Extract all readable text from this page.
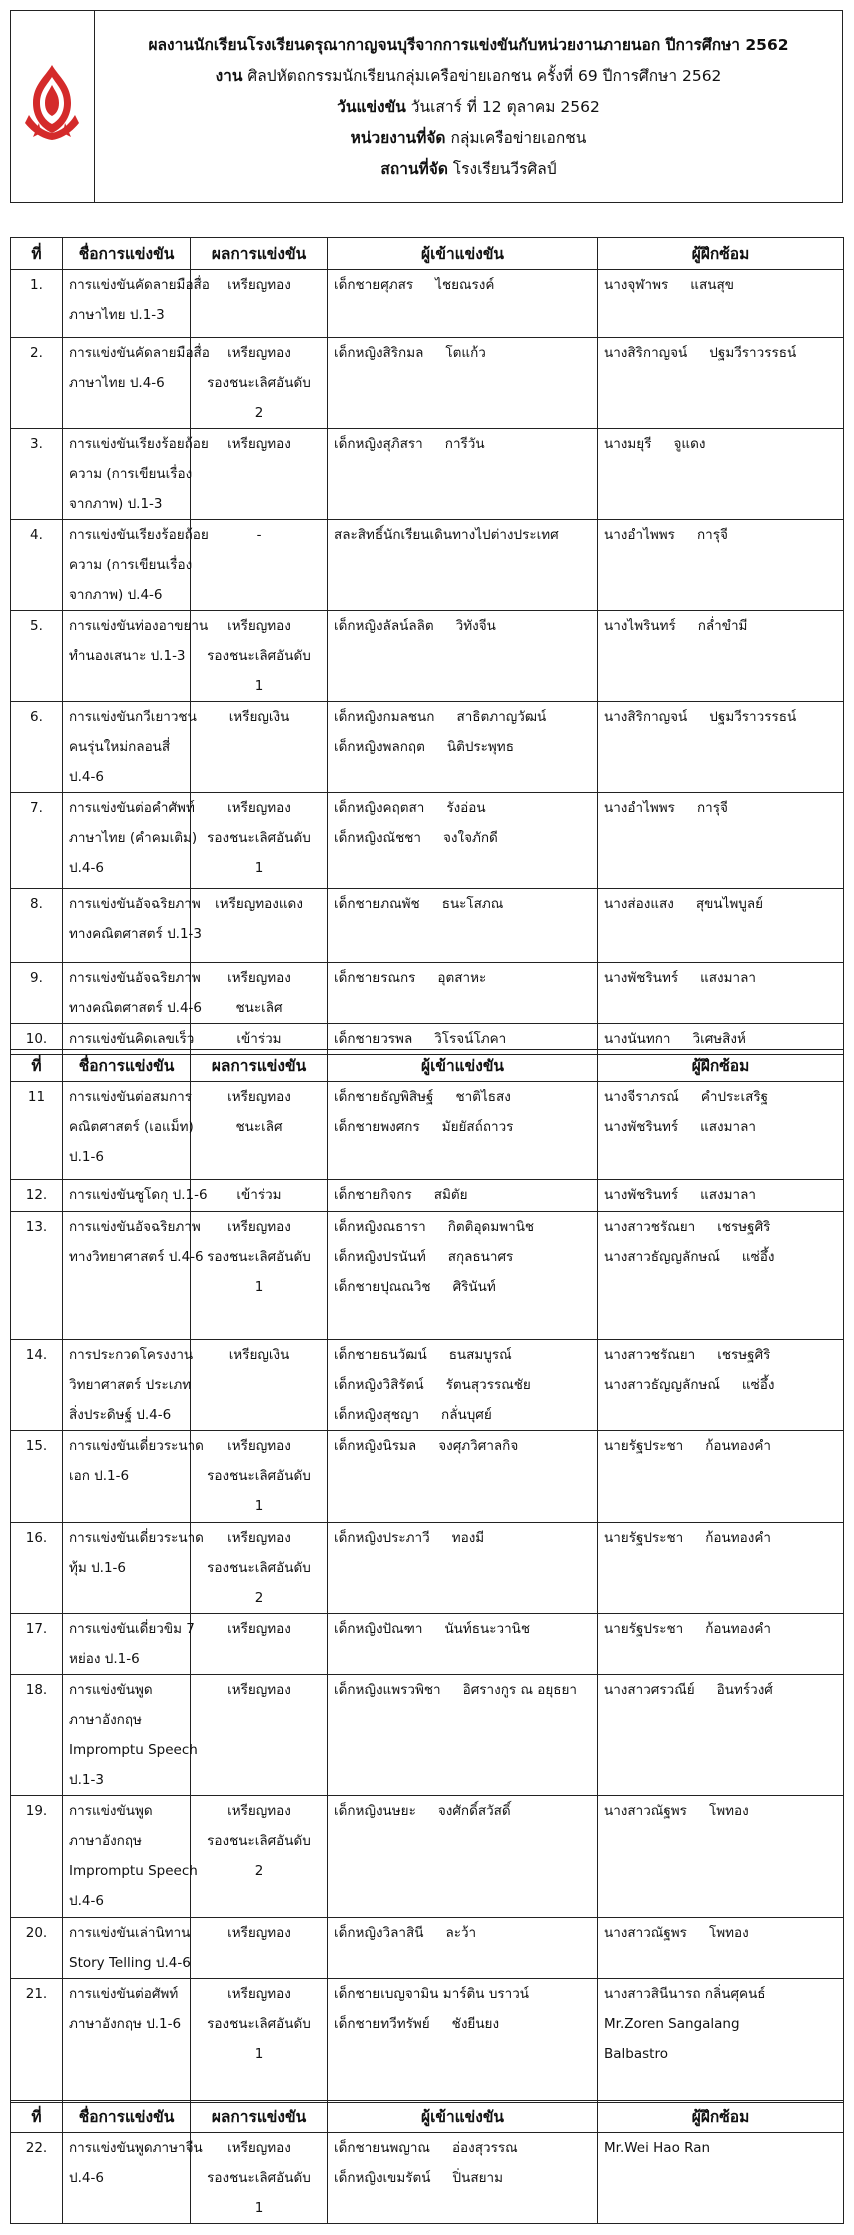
ผลงานนักเรียนโรงเรียนดรุณากาญจนบุรีจากการแข่งขันกับหน่วยงานภายนอก ปีการศึกษา 2562
งาน ศิลปหัตถกรรมนักเรียนกลุ่มเครือข่ายเอกชน ครั้งที่ 69 ปีการศึกษา 2562
วันแข่งขัน วันเสาร์ ที่ 12 ตุลาคม 2562
หน่วยงานที่จัด กลุ่มเครือข่ายเอกชน
สถานที่จัด โรงเรียนวีรศิลป์
ที่	ชื่อการแข่งขัน	ผลการแข่งขัน	ผู้เข้าแข่งขัน	ผู้ฝึกซ้อม
1.	การแข่งขันคัดลายมือสื่อ
ภาษาไทย ป.1-3	เหรียญทอง	เด็กชายศุภสร ไชยณรงค์	นางจุฬาพร แสนสุข

2.	การแข่งขันคัดลายมือสื่อ
ภาษาไทย ป.4-6	เหรียญทอง
รองชนะเลิศอันดับ
2	เด็กหญิงสิริกมล โตแก้ว	นางสิริกาญจน์ ปฐมวีราวรรธน์

3.	การแข่งขันเรียงร้อยถ้อย
ความ (การเขียนเรื่อง
จากภาพ) ป.1-3	เหรียญทอง	เด็กหญิงสุภิสรา การีวัน	นางมยุรี จูแดง

4.	การแข่งขันเรียงร้อยถ้อย
ความ (การเขียนเรื่อง
จากภาพ) ป.4-6	-	สละสิทธิ์นักเรียนเดินทางไปต่างประเทศ	นางอำไพพร การุจี

5.	การแข่งขันท่องอาขยาน
ทำนองเสนาะ ป.1-3	เหรียญทอง
รองชนะเลิศอันดับ
1	เด็กหญิงลัลน์ลลิต วิทังจีน	นางไพรินทร์ กล่ำขำมี

6.	การแข่งขันกวีเยาวชน
คนรุ่นใหม่กลอนสี่
ป.4-6	เหรียญเงิน	เด็กหญิงกมลชนก สาธิตภาญวัฒน์
เด็กหญิงพลกฤต นิติประพุทธ	นางสิริกาญจน์ ปฐมวีราวรรธน์

7.	การแข่งขันต่อคำศัพท์
ภาษาไทย (คำคมเติม)
ป.4-6	เหรียญทอง
รองชนะเลิศอันดับ
1	เด็กหญิงคฤตสา รังอ่อน
เด็กหญิงณัชชา จงใจภักดี	นางอำไพพร การุจี

8.	การแข่งขันอัจฉริยภาพ
ทางคณิตศาสตร์ ป.1-3	เหรียญทองแดง	เด็กชายภณพัช ธนะโสภณ	นางส่องแสง สุขนไพบูลย์

9.	การแข่งขันอัจฉริยภาพ
ทางคณิตศาสตร์ ป.4-6	เหรียญทอง
ชนะเลิศ	เด็กชายรณกร อุตสาหะ	นางพัชรินทร์ แสงมาลา

10.	การแข่งขันคิดเลขเร็ว	เข้าร่วม	เด็กชายวรพล วิโรจน์โภคา	นางนันทกา วิเศษสิงห์
ที่	ชื่อการแข่งขัน	ผลการแข่งขัน	ผู้เข้าแข่งขัน	ผู้ฝึกซ้อม
11	การแข่งขันต่อสมการ
คณิตศาสตร์ (เอแม็ท)
ป.1-6	เหรียญทอง
ชนะเลิศ	เด็กชายธัญพิสิษฐ์ ชาติไธสง
เด็กชายพงศกร มัยยัสถ์ถาวร	นางจีราภรณ์ คำประเสริฐ
นางพัชรินทร์ แสงมาลา

12.	การแข่งขันซูโดกุ ป.1-6	เข้าร่วม	เด็กชายกิจกร สมิตัย	นางพัชรินทร์ แสงมาลา

13.	การแข่งขันอัจฉริยภาพ
ทางวิทยาศาสตร์ ป.4-6	เหรียญทอง
รองชนะเลิศอันดับ
1	เด็กหญิงณธารา กิตติอุดมพานิช
เด็กหญิงปรนันท์ สกุลธนาศร
เด็กชายปุณณวิช ศิรินันท์	นางสาวชรัณยา เชรษฐศิริ
นางสาวธัญญลักษณ์ แซ่อึ้ง

14.	การประกวดโครงงาน
วิทยาศาสตร์ ประเภท
สิ่งประดิษฐ์ ป.4-6	เหรียญเงิน	เด็กชายธนวัฒน์ ธนสมบูรณ์
เด็กหญิงวิสิรัตน์ รัตนสุวรรณชัย
เด็กหญิงสุชญา กลั่นบุศย์	นางสาวชรัณยา เชรษฐศิริ
นางสาวธัญญลักษณ์ แซ่อึ้ง

15.	การแข่งขันเดี่ยวระนาด
เอก ป.1-6	เหรียญทอง
รองชนะเลิศอันดับ
1	เด็กหญิงนิรมล จงศุภวิศาลกิจ	นายรัฐประชา ก้อนทองคำ

16.	การแข่งขันเดี่ยวระนาด
ทุ้ม ป.1-6	เหรียญทอง
รองชนะเลิศอันดับ
2	เด็กหญิงประภาวี ทองมี	นายรัฐประชา ก้อนทองคำ

17.	การแข่งขันเดี่ยวขิม 7
หย่อง ป.1-6	เหรียญทอง	เด็กหญิงปัณฑา นันท์ธนะวานิช	นายรัฐประชา ก้อนทองคำ

18.	การแข่งขันพูด
ภาษาอังกฤษ
Impromptu Speech
ป.1-3	เหรียญทอง	เด็กหญิงแพรวพิชา อิศรางกูร ณ อยุธยา	นางสาวศรวณีย์ อินทร์วงศ์

19.	การแข่งขันพูด
ภาษาอังกฤษ
Impromptu Speech
ป.4-6	เหรียญทอง
รองชนะเลิศอันดับ
2	เด็กหญิงนษยะ จงศักดิ์สวัสดิ์	นางสาวณัฐพร โพทอง

20.	การแข่งขันเล่านิทาน
Story Telling ป.4-6	เหรียญทอง	เด็กหญิงวิลาสินี ละว้า	นางสาวณัฐพร โพทอง

21.	การแข่งขันต่อศัพท์
ภาษาอังกฤษ ป.1-6	เหรียญทอง
รองชนะเลิศอันดับ
1	เด็กชายเบญจามิน มาร์ติน บราวน์
เด็กชายทวีทรัพย์ ชังยีนยง	นางสาวสินีนารถ กลิ่นศุคนธ์
Mr.Zoren Sangalang
Balbastro
ที่	ชื่อการแข่งขัน	ผลการแข่งขัน	ผู้เข้าแข่งขัน	ผู้ฝึกซ้อม
22.	การแข่งขันพูดภาษาจีน
ป.4-6	เหรียญทอง
รองชนะเลิศอันดับ
1	เด็กชายนพญาณ อ่องสุวรรณ
เด็กหญิงเขมรัตน์ ปิ่นสยาม	Mr.Wei Hao Ran
